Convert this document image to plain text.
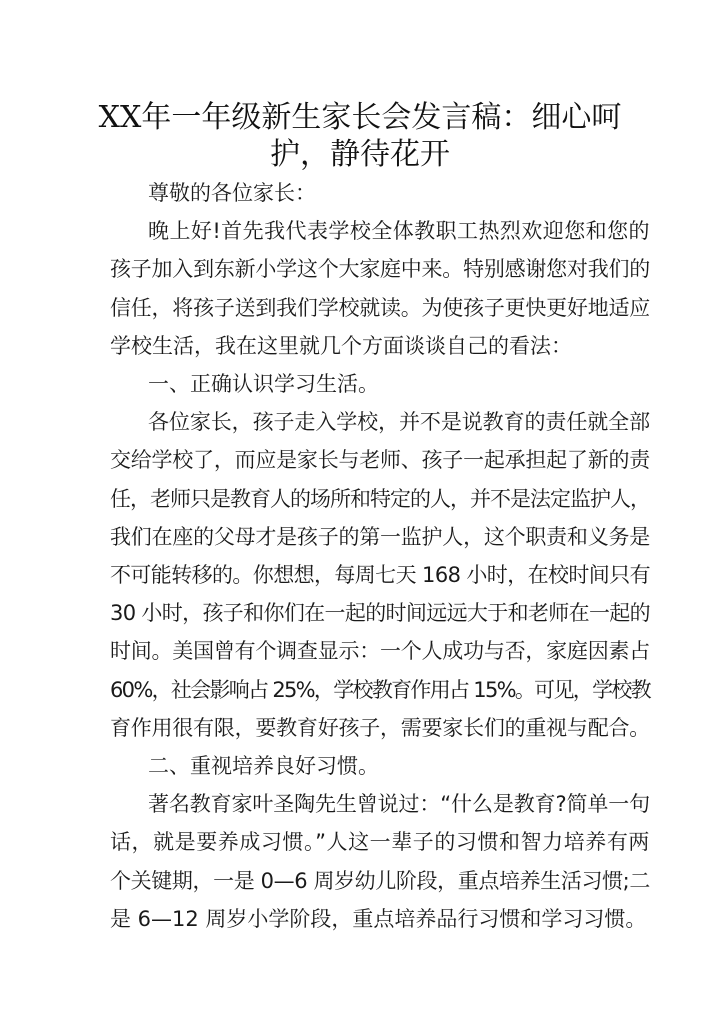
XX年一年级新生家长会发言稿：细心呵
护，静待花开
尊敬的各位家长：
晚上好!首先我代表学校全体教职工热烈欢迎您和您的
孩子加入到东新小学这个大家庭中来。特别感谢您对我们的
信任，将孩子送到我们学校就读。为使孩子更快更好地适应
学校生活，我在这里就几个方面谈谈自己的看法：
一、正确认识学习生活。
各位家长，孩子走入学校，并不是说教育的责任就全部
交给学校了，而应是家长与老师、孩子一起承担起了新的责
任，老师只是教育人的场所和特定的人，并不是法定监护人，
我们在座的父母才是孩子的第一监护人，这个职责和义务是
不可能转移的。你想想，每周七天 168 小时，在校时间只有
30 小时，孩子和你们在一起的时间远远大于和老师在一起的
时间。美国曾有个调查显示：一个人成功与否，家庭因素占
60%，社会影响占 25%，学校教育作用占 15%。可见，学校教
育作用很有限，要教育好孩子，需要家长们的重视与配合。
二、重视培养良好习惯。
著名教育家叶圣陶先生曾说过：“什么是教育?简单一句
话，就是要养成习惯。”人这一辈子的习惯和智力培养有两
个关键期，一是 0—6 周岁幼儿阶段，重点培养生活习惯;二
是 6—12 周岁小学阶段，重点培养品行习惯和学习习惯。
